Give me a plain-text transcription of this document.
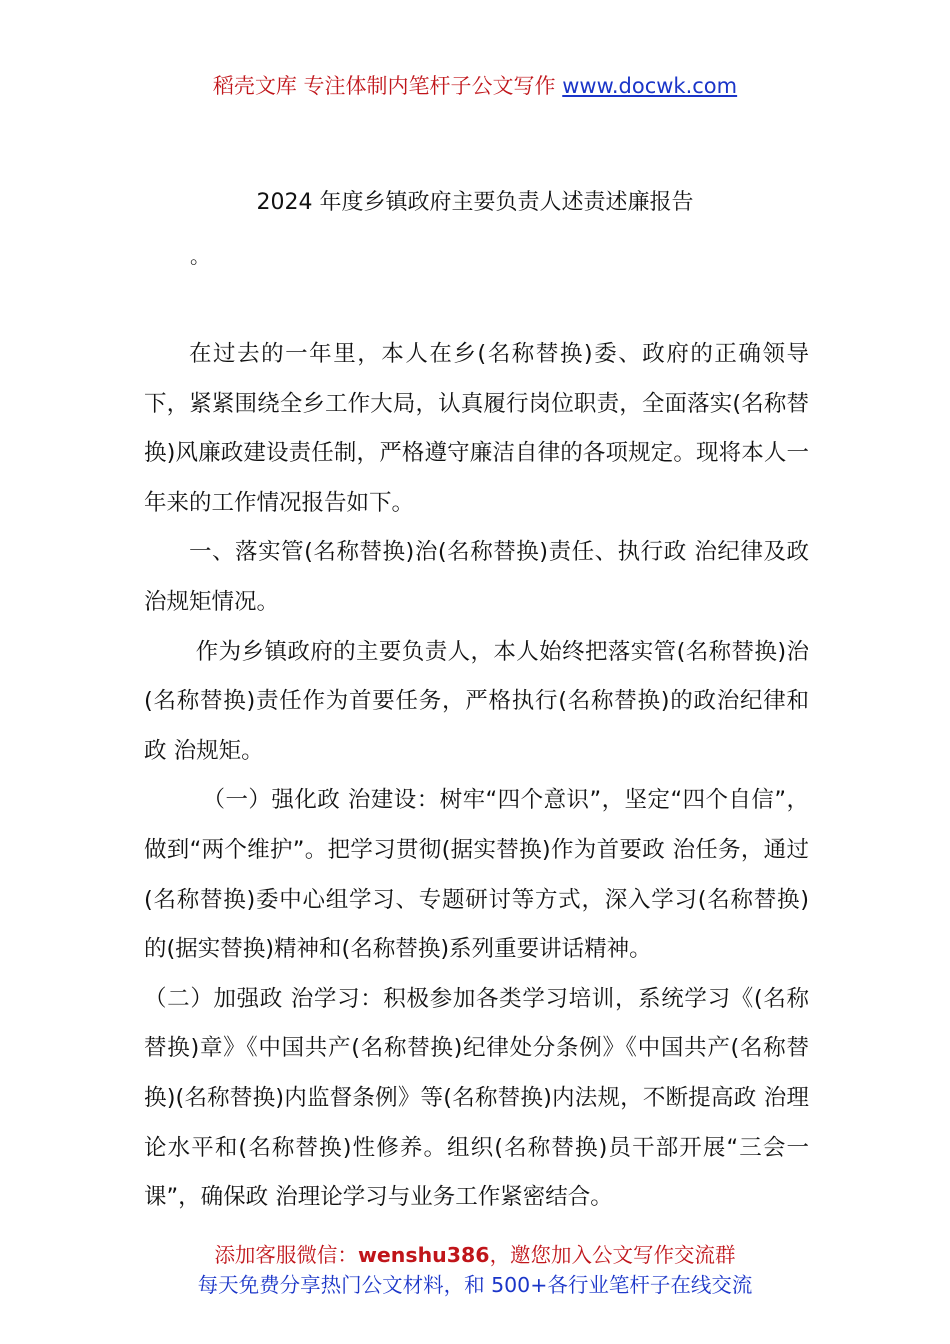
稻壳文库 专注体制内笔杆子公文写作 www.docwk.com
2024 年度乡镇政府主要负责人述责述廉报告
。

在过去的一年里，本人在乡(名称替换)委、政府的正确领导下，紧紧围绕全乡工作大局，认真履行岗位职责，全面落实(名称替换)风廉政建设责任制，严格遵守廉洁自律的各项规定。现将本人一年来的工作情况报告如下。

一、落实管(名称替换)治(名称替换)责任、执行政 治纪律及政 治规矩情况。

作为乡镇政府的主要负责人，本人始终把落实管(名称替换)治(名称替换)责任作为首要任务，严格执行(名称替换)的政治纪律和政 治规矩。

（一）强化政 治建设：树牢“四个意识”，坚定“四个自信”，做到“两个维护”。把学习贯彻(据实替换)作为首要政 治任务，通过(名称替换)委中心组学习、专题研讨等方式，深入学习(名称替换)的(据实替换)精神和(名称替换)系列重要讲话精神。

（二）加强政 治学习：积极参加各类学习培训，系统学习《(名称替换)章》《中国共产(名称替换)纪律处分条例》《中国共产(名称替换)(名称替换)内监督条例》等(名称替换)内法规，不断提高政 治理论水平和(名称替换)性修养。组织(名称替换)员干部开展“三会一课”，确保政 治理论学习与业务工作紧密结合。

添加客服微信：wenshu386，邀您加入公文写作交流群
每天免费分享热门公文材料，和 500+各行业笔杆子在线交流
